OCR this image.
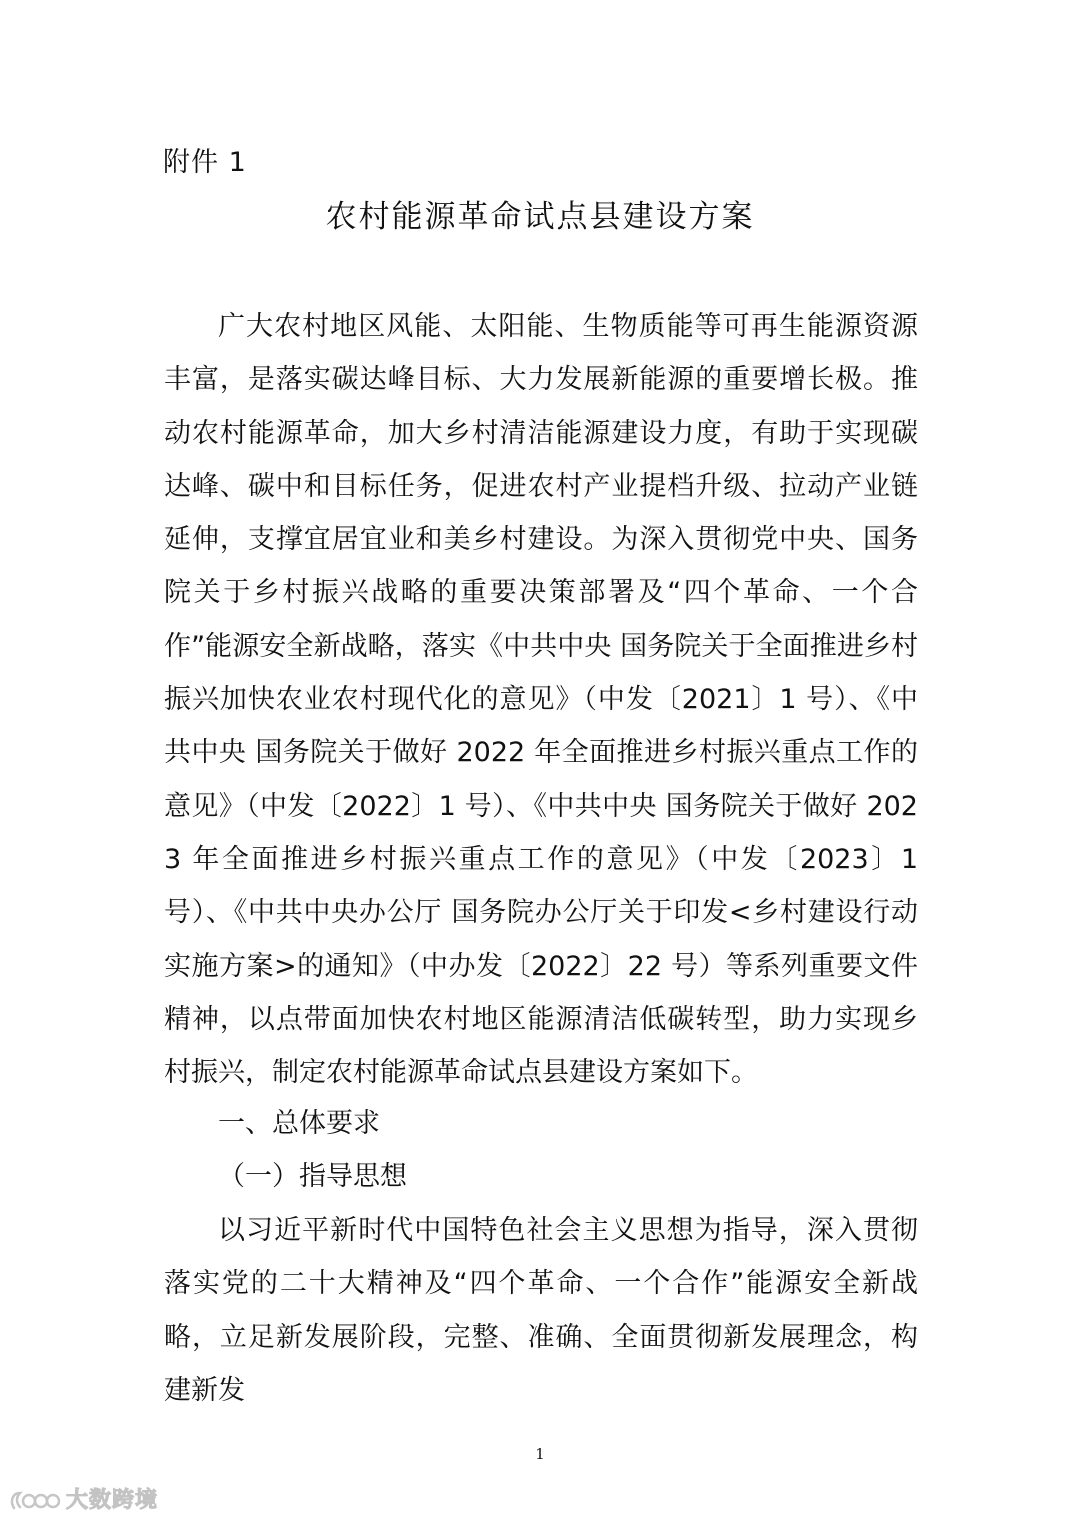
附件 1
农村能源革命试点县建设方案

广大农村地区风能、太阳能、生物质能等可再生能源资源丰富，是落实碳达峰目标、大力发展新能源的重要增长极。推动农村能源革命，加大乡村清洁能源建设力度，有助于实现碳达峰、碳中和目标任务，促进农村产业提档升级、拉动产业链延伸，支撑宜居宜业和美乡村建设。为深入贯彻党中央、国务院关于乡村振兴战略的重要决策部署及“四个革命、一个合作”能源安全新战略，落实《中共中央 国务院关于全面推进乡村振兴加快农业农村现代化的意见》（中发〔2021〕1 号）、《中共中央 国务院关于做好 2022 年全面推进乡村振兴重点工作的意见》（中发〔2022〕1 号）、《中共中央 国务院关于做好 2023 年全面推进乡村振兴重点工作的意见》（中发〔2023〕1 号）、《中共中央办公厅 国务院办公厅关于印发<乡村建设行动实施方案>的通知》（中办发〔2022〕22 号）等系列重要文件精神，以点带面加快农村地区能源清洁低碳转型，助力实现乡村振兴，制定农村能源革命试点县建设方案如下。

一、总体要求
（一）指导思想

以习近平新时代中国特色社会主义思想为指导，深入贯彻落实党的二十大精神及“四个革命、一个合作”能源安全新战略，立足新发展阶段，完整、准确、全面贯彻新发展理念，构建新发

1
大数跨境
